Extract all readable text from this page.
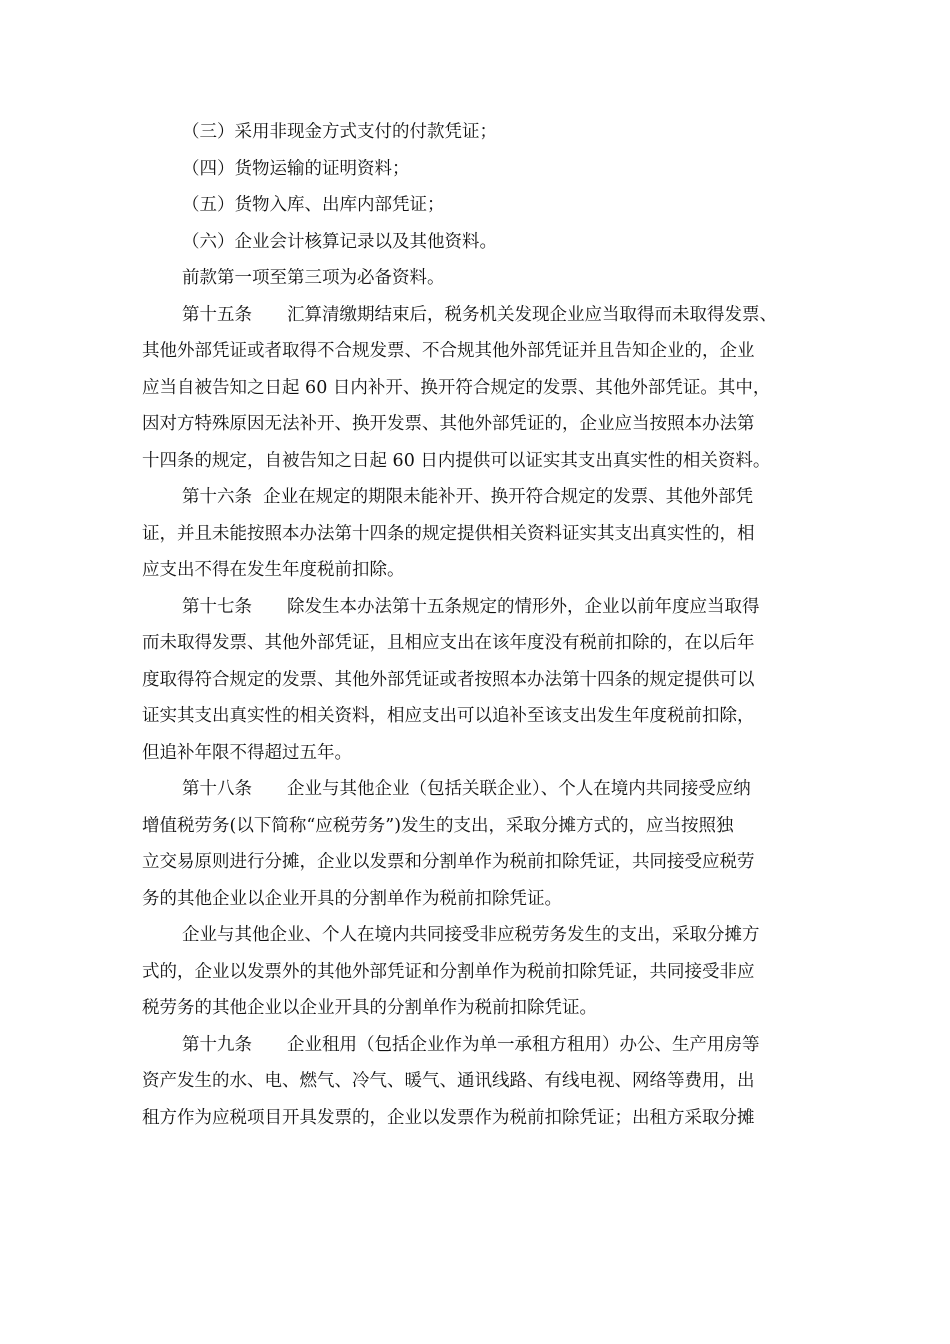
（三）采用非现金方式支付的付款凭证；
（四）货物运输的证明资料；
（五）货物入库、出库内部凭证；
（六）企业会计核算记录以及其他资料。
前款第一项至第三项为必备资料。
第十五条　　汇算清缴期结束后，税务机关发现企业应当取得而未取得发票、
其他外部凭证或者取得不合规发票、不合规其他外部凭证并且告知企业的，企业
应当自被告知之日起 60 日内补开、换开符合规定的发票、其他外部凭证。其中，
因对方特殊原因无法补开、换开发票、其他外部凭证的，企业应当按照本办法第
十四条的规定，自被告知之日起 60 日内提供可以证实其支出真实性的相关资料。
第十六条  企业在规定的期限未能补开、换开符合规定的发票、其他外部凭
证，并且未能按照本办法第十四条的规定提供相关资料证实其支出真实性的，相
应支出不得在发生年度税前扣除。
第十七条　　除发生本办法第十五条规定的情形外，企业以前年度应当取得
而未取得发票、其他外部凭证，且相应支出在该年度没有税前扣除的，在以后年
度取得符合规定的发票、其他外部凭证或者按照本办法第十四条的规定提供可以
证实其支出真实性的相关资料，相应支出可以追补至该支出发生年度税前扣除，
但追补年限不得超过五年。
第十八条　　企业与其他企业（包括关联企业）、个人在境内共同接受应纳
增值税劳务(以下简称“应税劳务”)发生的支出，采取分摊方式的，应当按照独
立交易原则进行分摊，企业以发票和分割单作为税前扣除凭证，共同接受应税劳
务的其他企业以企业开具的分割单作为税前扣除凭证。
企业与其他企业、个人在境内共同接受非应税劳务发生的支出，采取分摊方
式的，企业以发票外的其他外部凭证和分割单作为税前扣除凭证，共同接受非应
税劳务的其他企业以企业开具的分割单作为税前扣除凭证。
第十九条　　企业租用（包括企业作为单一承租方租用）办公、生产用房等
资产发生的水、电、燃气、冷气、暖气、通讯线路、有线电视、网络等费用，出
租方作为应税项目开具发票的，企业以发票作为税前扣除凭证；出租方采取分摊
